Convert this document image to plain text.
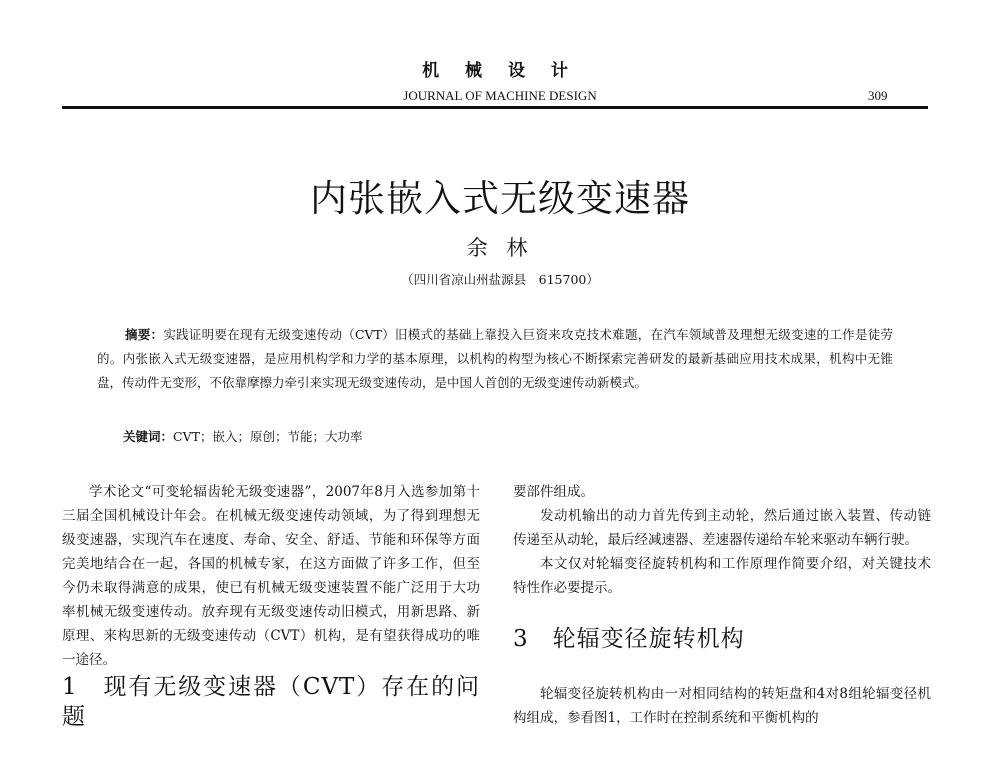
机 械 设 计
JOURNAL OF MACHINE DESIGN	309
内张嵌入式无级变速器
余 林
（四川省凉山州盐源县　615700）
摘要：实践证明要在现有无级变速传动（CVT）旧模式的基础上靠投入巨资来攻克技术难题，在汽车领域普及理想无级变速的工作是徒劳的。内张嵌入式无级变速器，是应用机构学和力学的基本原理，以机构的构型为核心不断探索完善研发的最新基础应用技术成果，机构中无锥盘，传动件无变形，不依靠摩擦力牵引来实现无级变速传动，是中国人首创的无级变速传动新模式。
关键词：CVT；嵌入；原创；节能；大功率

学术论文“可变轮辐齿轮无级变速器”，2007年8月入选参加第十三届全国机械设计年会。在机械无级变速传动领域，为了得到理想无级变速器，实现汽车在速度、寿命、安全、舒适、节能和环保等方面完美地结合在一起，各国的机械专家，在这方面做了许多工作，但至今仍未取得满意的成果，使已有机械无级变速装置不能广泛用于大功率机械无级变速传动。放弃现有无级变速传动旧模式，用新思路、新原理、来构思新的无级变速传动（CVT）机构，是有望获得成功的唯一途径。

1　现有无级变速器（CVT）存在的问题

要部件组成。

发动机输出的动力首先传到主动轮，然后通过嵌入装置、传动链传递至从动轮，最后经减速器、差速器传递给车轮来驱动车辆行驶。

本文仅对轮辐变径旋转机构和工作原理作简要介绍，对关键技术特性作必要提示。

3　轮辐变径旋转机构

轮辐变径旋转机构由一对相同结构的转矩盘和4对8组轮辐变径机构组成，参看图1，工作时在控制系统和平衡机构的
